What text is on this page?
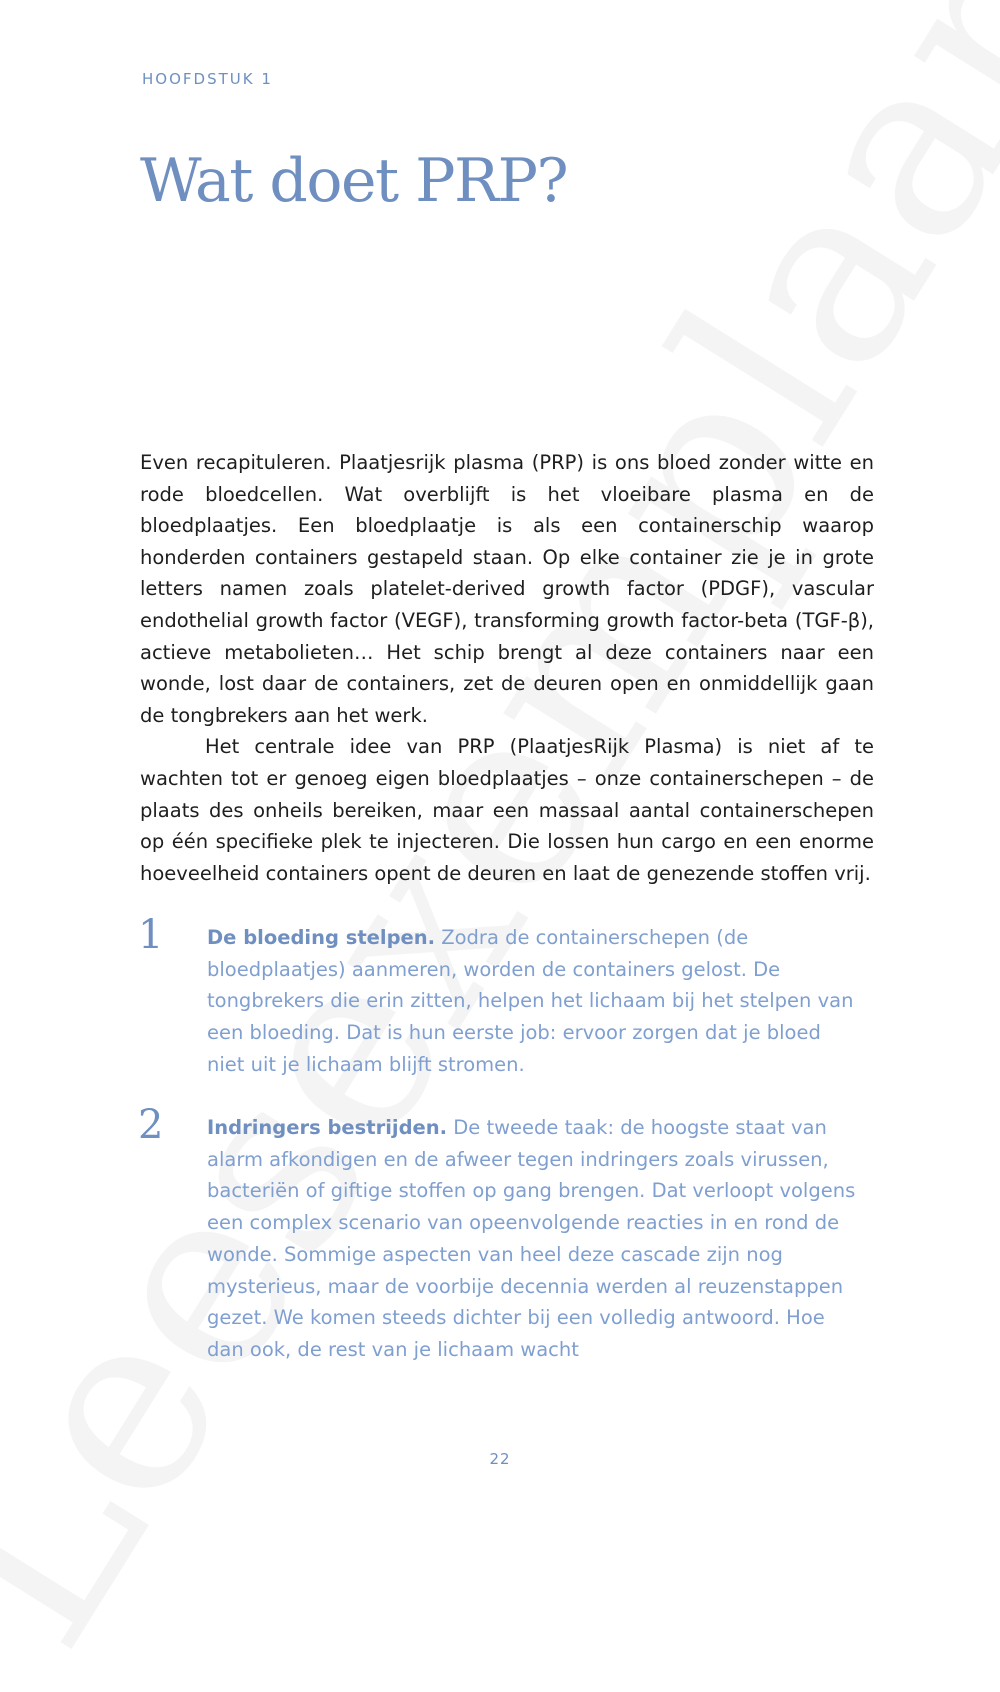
HOOFDSTUK 1
Wat doet PRP?

Even recapituleren. Plaatjesrijk plasma (PRP) is ons bloed zonder witte en rode bloedcellen. Wat overblijft is het vloeibare plasma en de bloedplaatjes. Een bloedplaatje is als een containerschip waarop honderden containers gestapeld staan. Op elke container zie je in grote letters namen zoals platelet-derived growth factor (PDGF), vascular endothelial growth factor (VEGF), transforming growth factor-beta (TGF-β), actieve metabolieten… Het schip brengt al deze containers naar een wonde, lost daar de containers, zet de deuren open en onmiddellijk gaan de tongbrekers aan het werk.

Het centrale idee van PRP (PlaatjesRijk Plasma) is niet af te wachten tot er genoeg eigen bloedplaatjes – onze containerschepen – de plaats des onheils bereiken, maar een massaal aantal containerschepen op één specifieke plek te injecteren. Die lossen hun cargo en een enorme hoeveelheid containers opent de deuren en laat de genezende stoffen vrij.

1 De bloeding stelpen. Zodra de containerschepen (de bloedplaatjes) aanmeren, worden de containers gelost. De tongbrekers die erin zitten, helpen het lichaam bij het stelpen van een bloeding. Dat is hun eerste job: ervoor zorgen dat je bloed niet uit je lichaam blijft stromen.
2 Indringers bestrijden. De tweede taak: de hoogste staat van alarm afkondigen en de afweer tegen indringers zoals virussen, bacteriën of giftige stoffen op gang brengen. Dat verloopt volgens een complex scenario van opeenvolgende reacties in en rond de wonde. Sommige aspecten van heel deze cascade zijn nog mysterieus, maar de voorbije decennia werden al reuzenstappen gezet. We komen steeds dichter bij een volledig antwoord. Hoe dan ook, de rest van je lichaam wacht
22
